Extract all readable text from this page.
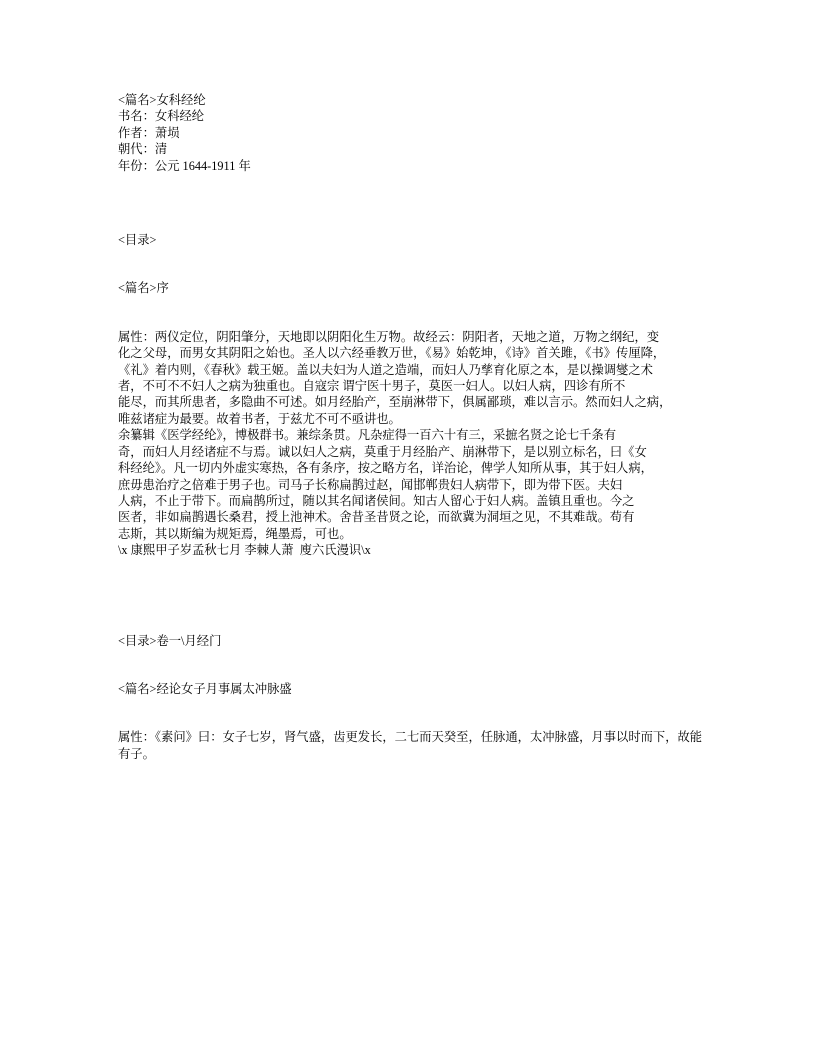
<篇名>女科经纶
书名：女科经纶
作者：萧埙
朝代：清
年份：公元 1644-1911 年
<目录>
<篇名>序
属性：两仪定位，阴阳肇分，天地即以阴阳化生万物。故经云：阴阳者，天地之道，万物之纲纪，变
化之父母，而男女其阴阳之始也。圣人以六经垂教万世，《易》始乾坤，《诗》首关雎，《书》传厘降，
《礼》着内则，《春秋》载王姬。盖以夫妇为人道之造端，而妇人乃孳育化原之本，是以操调燮之术
者，不可不不妇人之病为独重也。自寇宗 谓宁医十男子，莫医一妇人。以妇人病，四诊有所不
能尽，而其所患者，多隐曲不可述。如月经胎产，至崩淋带下，俱属鄙琐，难以言示。然而妇人之病，
唯兹诸症为最要。故着书者，于兹尤不可不亟讲也。
余纂辑《医学经纶》，博极群书。兼综条贯。凡杂症得一百六十有三，采摭名贤之论七千条有
奇，而妇人月经诸症不与焉。诚以妇人之病，莫重于月经胎产、崩淋带下，是以别立标名，曰《女
科经纶》。凡一切内外虚实寒热，各有条序，按之略方名，详治论，俾学人知所从事，其于妇人病，
庶毋患治疗之倍难于男子也。司马子长称扁鹊过赵，闻邯郸贵妇人病带下，即为带下医。夫妇
人病，不止于带下。而扁鹊所过，随以其名闻诸侯间。知古人留心于妇人病。盖镇且重也。今之
医者，非如扁鹊遇长桑君，授上池神术。舍昔圣昔贤之论，而欲冀为洞垣之见，不其难哉。苟有
志斯，其以斯编为规矩焉，绳墨焉，可也。
\x 康熙甲子岁孟秋七月 李棘人萧  廋六氏漫识\x
<目录>卷一\月经门
<篇名>经论女子月事属太冲脉盛
属性：《素问》曰：女子七岁，肾气盛，齿更发长，二七而天癸至，任脉通，太冲脉盛，月事以时而下，故能
有子。
